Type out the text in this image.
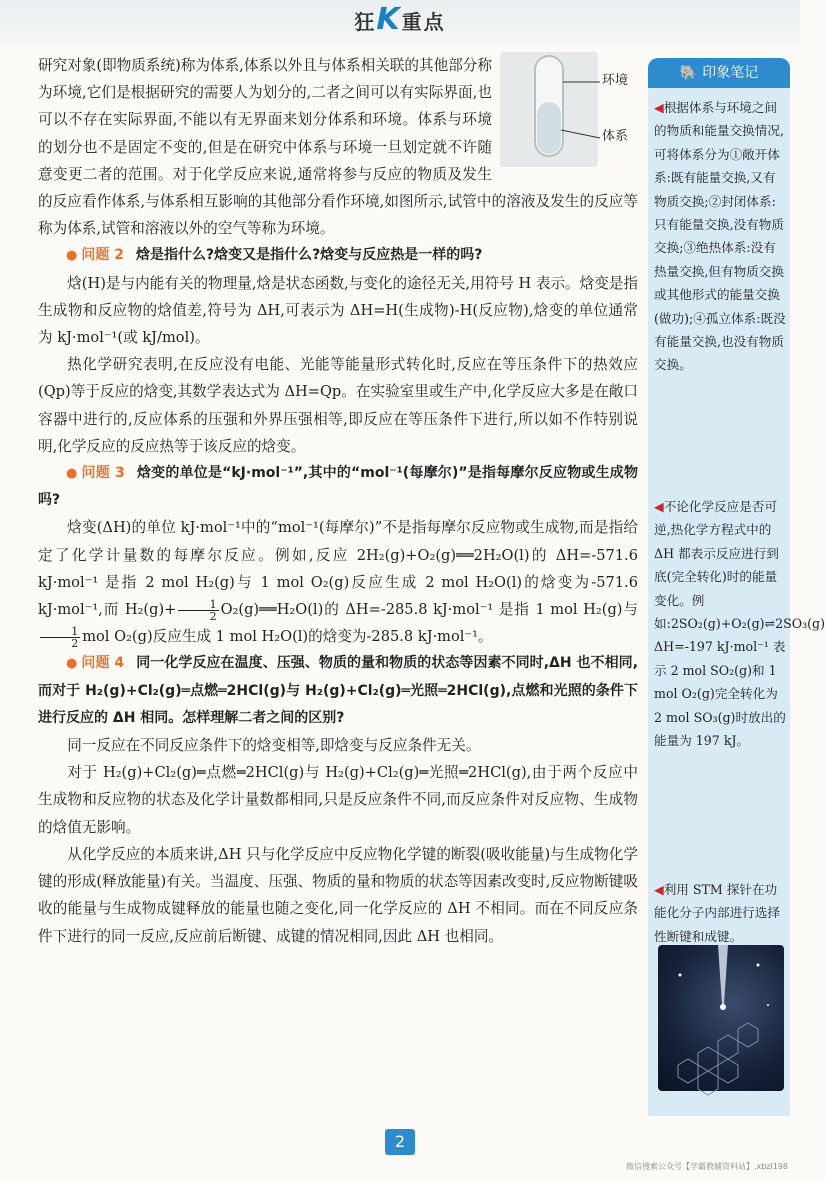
狂K重点
环境
体系

研究对象(即物质系统)称为体系,体系以外且与体系相关联的其他部分称为环境,它们是根据研究的需要人为划分的,二者之间可以有实际界面,也可以不存在实际界面,不能以有无界面来划分体系和环境。体系与环境的划分也不是固定不变的,但是在研究中体系与环境一旦划定就不许随意变更二者的范围。对于化学反应来说,通常将参与反应的物质及发生的反应看作体系,与体系相互影响的其他部分看作环境,如图所示,试管中的溶液及发生的反应等称为体系,试管和溶液以外的空气等称为环境。

● 问题 2 焓是指什么?焓变又是指什么?焓变与反应热是一样的吗?

焓(H)是与内能有关的物理量,焓是状态函数,与变化的途径无关,用符号 H 表示。焓变是指生成物和反应物的焓值差,符号为 ΔH,可表示为 ΔH=H(生成物)-H(反应物),焓变的单位通常为 kJ·mol⁻¹(或 kJ/mol)。

热化学研究表明,在反应没有电能、光能等能量形式转化时,反应在等压条件下的热效应(Qp)等于反应的焓变,其数学表达式为 ΔH=Qp。在实验室里或生产中,化学反应大多是在敞口容器中进行的,反应体系的压强和外界压强相等,即反应在等压条件下进行,所以如不作特别说明,化学反应的反应热等于该反应的焓变。

● 问题 3 焓变的单位是“kJ·mol⁻¹”,其中的“mol⁻¹(每摩尔)”是指每摩尔反应物或生成物吗?

焓变(ΔH)的单位 kJ·mol⁻¹中的“mol⁻¹(每摩尔)”不是指每摩尔反应物或生成物,而是指给定了化学计量数的每摩尔反应。例如,反应 2H₂(g)+O₂(g)══2H₂O(l)的 ΔH=-571.6 kJ·mol⁻¹ 是指 2 mol H₂(g)与 1 mol O₂(g)反应生成 2 mol H₂O(l)的焓变为-571.6 kJ·mol⁻¹,而 $H_2(g)+ \frac{1}{2}$ O₂(g)══H₂O(l)的 ΔH=-285.8 kJ·mol⁻¹ 是指 1 mol H₂(g)与
$\frac{1}{2}$ mol O₂(g)反应生成 1 mol H₂O(l)的焓变为-285.8 kJ·mol⁻¹。

● 问题 4 同一化学反应在温度、压强、物质的量和物质的状态等因素不同时,ΔH 也不相同,而对于 H₂(g)+Cl₂(g)═点燃═2HCl(g)与 H₂(g)+Cl₂(g)═光照═2HCl(g),点燃和光照的条件下进行反应的 ΔH 相同。怎样理解二者之间的区别?

同一反应在不同反应条件下的焓变相等,即焓变与反应条件无关。

对于 H₂(g)+Cl₂(g)═点燃═2HCl(g)与 H₂(g)+Cl₂(g)═光照═2HCl(g),由于两个反应中生成物和反应物的状态及化学计量数都相同,只是反应条件不同,而反应条件对反应物、生成物的焓值无影响。

从化学反应的本质来讲,ΔH 只与化学反应中反应物化学键的断裂(吸收能量)与生成物化学键的形成(释放能量)有关。当温度、压强、物质的量和物质的状态等因素改变时,反应物断键吸收的能量与生成物成键释放的能量也随之变化,同一化学反应的 ΔH 不相同。而在不同反应条件下进行的同一反应,反应前后断键、成键的情况相同,因此 ΔH 也相同。

🐘 印象笔记
◀根据体系与环境之间的物质和能量交换情况,可将体系分为①敞开体系:既有能量交换,又有物质交换;②封闭体系:只有能量交换,没有物质交换;③绝热体系:没有热量交换,但有物质交换或其他形式的能量交换(做功);④孤立体系:既没有能量交换,也没有物质交换。
◀不论化学反应是否可逆,热化学方程式中的 ΔH 都表示反应进行到底(完全转化)时的能量变化。例如:2SO₂(g)+O₂(g)⇌2SO₃(g) ΔH=-197 kJ·mol⁻¹ 表示 2 mol SO₂(g)和 1 mol O₂(g)完全转化为 2 mol SO₃(g)时放出的能量为 197 kJ。
◀利用 STM 探针在功能化分子内部进行选择性断键和成键。
2
微信搜索公众号【学霸教辅资料站】,xbzl198
